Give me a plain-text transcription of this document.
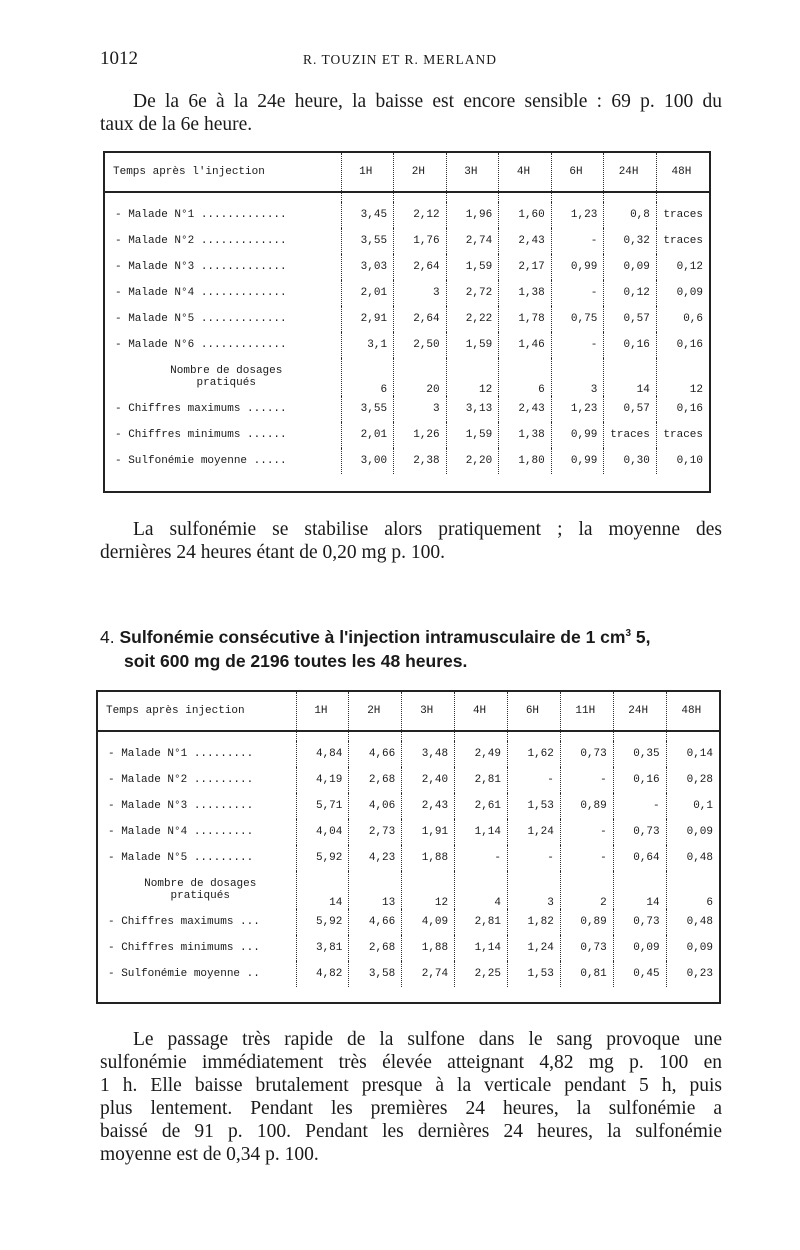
1012	R. TOUZIN ET R. MERLAND
De la 6e à la 24e heure, la baisse est encore sensible : 69 p. 100 du
taux de la 6e heure.
Temps après l'injection	1H	2H	3H	4H	6H	24H	48H

- Malade N°1 .............	3,45	2,12	1,96	1,60	1,23	0,8	traces
- Malade N°2 .............	3,55	1,76	2,74	2,43	-	0,32	traces
- Malade N°3 .............	3,03	2,64	1,59	2,17	0,99	0,09	0,12
- Malade N°4 .............	2,01	3	2,72	1,38	-	0,12	0,09
- Malade N°5 .............	2,91	2,64	2,22	1,78	0,75	0,57	0,6
- Malade N°6 .............	3,1	2,50	1,59	1,46	-	0,16	0,16

Nombre de dosages
pratiqués	6	20	12	6	3	14	12
- Chiffres maximums ......	3,55	3	3,13	2,43	1,23	0,57	0,16
- Chiffres minimums ......	2,01	1,26	1,59	1,38	0,99	traces	traces
- Sulfonémie moyenne .....	3,00	2,38	2,20	1,80	0,99	0,30	0,10

La sulfonémie se stabilise alors pratiquement ; la moyenne des
dernières 24 heures étant de 0,20 mg p. 100.
4. Sulfonémie consécutive à l'injection intramusculaire de 1 $cm^3$ 5,
soit 600 mg de 2196 toutes les 48 heures.
Temps après injection	1H	2H	3H	4H	6H	11H	24H	48H

- Malade N°1 .........	4,84	4,66	3,48	2,49	1,62	0,73	0,35	0,14
- Malade N°2 .........	4,19	2,68	2,40	2,81	-	-	0,16	0,28
- Malade N°3 .........	5,71	4,06	2,43	2,61	1,53	0,89	-	0,1
- Malade N°4 .........	4,04	2,73	1,91	1,14	1,24	-	0,73	0,09
- Malade N°5 .........	5,92	4,23	1,88	-	-	-	0,64	0,48

Nombre de dosages
pratiqués	14	13	12	4	3	2	14	6
- Chiffres maximums ...	5,92	4,66	4,09	2,81	1,82	0,89	0,73	0,48
- Chiffres minimums ...	3,81	2,68	1,88	1,14	1,24	0,73	0,09	0,09
- Sulfonémie moyenne ..	4,82	3,58	2,74	2,25	1,53	0,81	0,45	0,23

Le passage très rapide de la sulfone dans le sang provoque une
sulfonémie immédiatement très élevée atteignant 4,82 mg p. 100 en
1 h. Elle baisse brutalement presque à la verticale pendant 5 h, puis
plus lentement. Pendant les premières 24 heures, la sulfonémie a
baissé de 91 p. 100. Pendant les dernières 24 heures, la sulfonémie
moyenne est de 0,34 p. 100.
